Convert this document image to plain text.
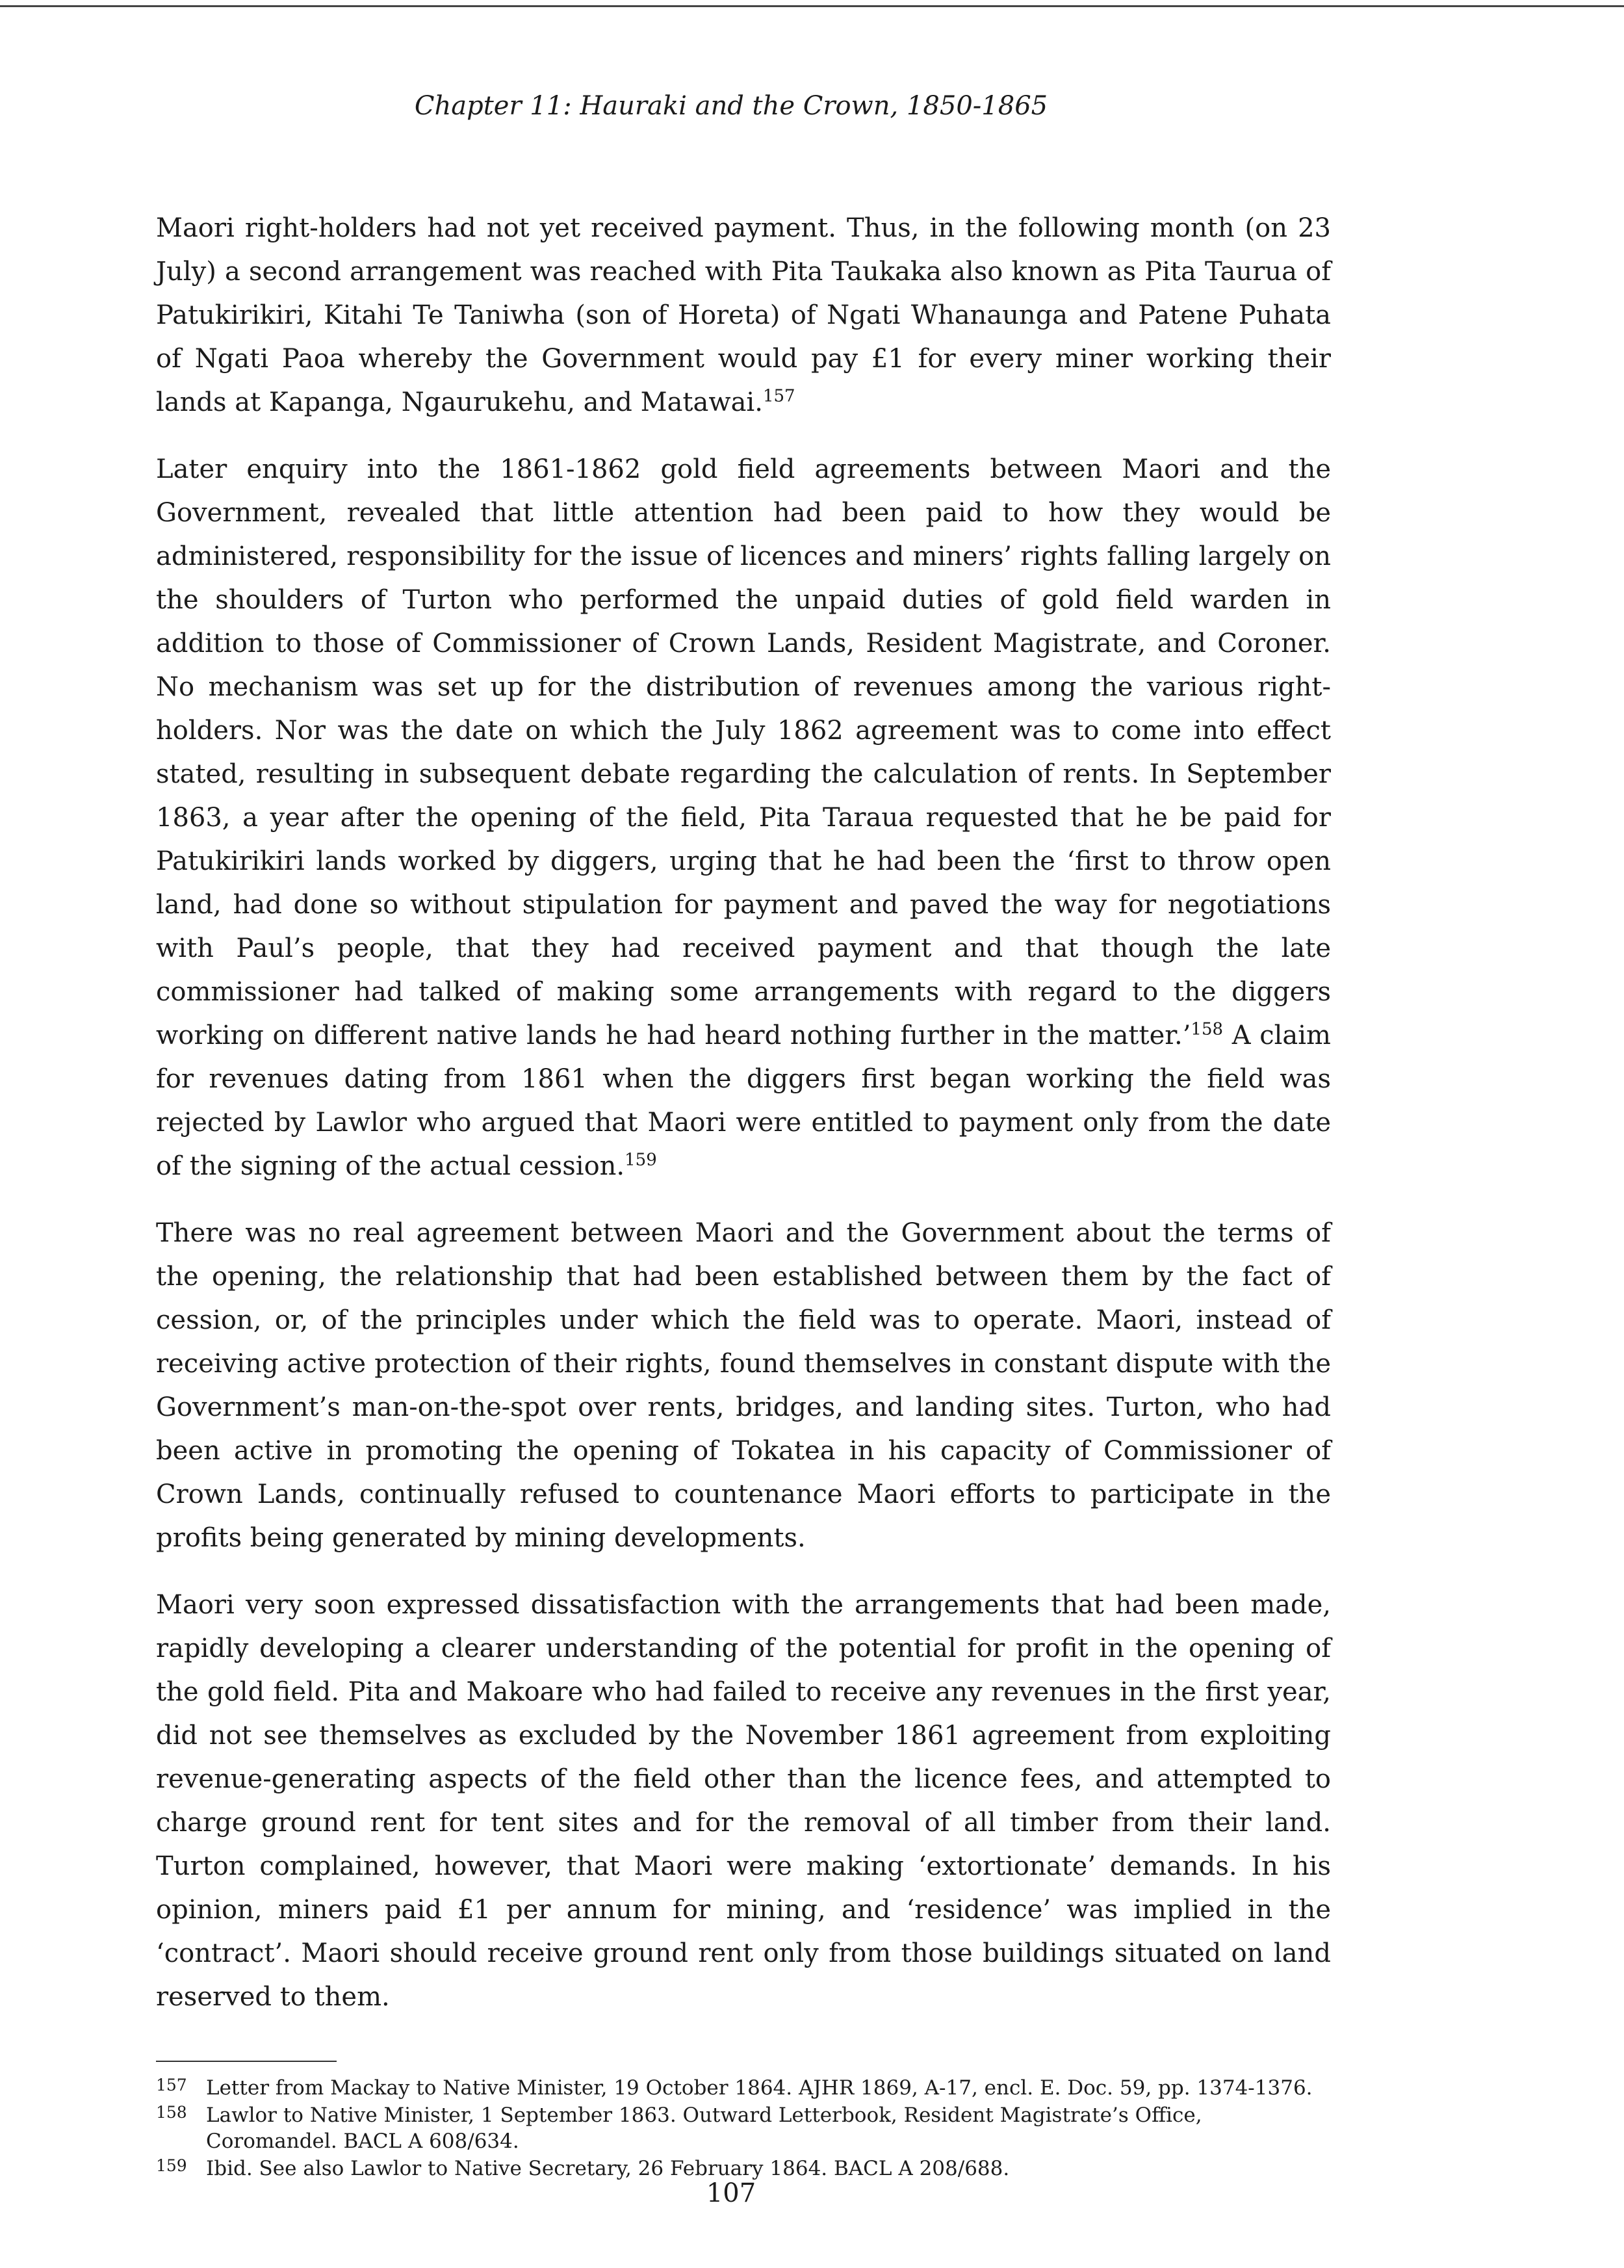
Chapter 11: Hauraki and the Crown, 1850-1865

Maori right-holders had not yet received payment. Thus, in the following month (on 23 July) a second arrangement was reached with Pita Taukaka also known as Pita Taurua of Patukirikiri, Kitahi Te Taniwha (son of Horeta) of Ngati Whanaunga and Patene Puhata of Ngati Paoa whereby the Government would pay £1 for every miner working their lands at Kapanga, Ngaurukehu, and Matawai.$^{157}$

Later enquiry into the 1861-1862 gold field agreements between Maori and the Government, revealed that little attention had been paid to how they would be administered, responsibility for the issue of licences and miners’ rights falling largely on the shoulders of Turton who performed the unpaid duties of gold field warden in addition to those of Commissioner of Crown Lands, Resident Magistrate, and Coroner. No mechanism was set up for the distribution of revenues among the various right-holders. Nor was the date on which the July 1862 agreement was to come into effect stated, resulting in subsequent debate regarding the calculation of rents. In September 1863, a year after the opening of the field, Pita Taraua requested that he be paid for Patukirikiri lands worked by diggers, urging that he had been the ‘first to throw open land, had done so without stipulation for payment and paved the way for negotiations with Paul’s people, that they had received payment and that though the late commissioner had talked of making some arrangements with regard to the diggers working on different native lands he had heard nothing further in the matter.’$^{158}$ A claim for revenues dating from 1861 when the diggers first began working the field was rejected by Lawlor who argued that Maori were entitled to payment only from the date of the signing of the actual cession.$^{159}$

There was no real agreement between Maori and the Government about the terms of the opening, the relationship that had been established between them by the fact of cession, or, of the principles under which the field was to operate. Maori, instead of receiving active protection of their rights, found themselves in constant dispute with the Government’s man-on-the-spot over rents, bridges, and landing sites. Turton, who had been active in promoting the opening of Tokatea in his capacity of Commissioner of Crown Lands, continually refused to countenance Maori efforts to participate in the profits being generated by mining developments.

Maori very soon expressed dissatisfaction with the arrangements that had been made, rapidly developing a clearer understanding of the potential for profit in the opening of the gold field. Pita and Makoare who had failed to receive any revenues in the first year, did not see themselves as excluded by the November 1861 agreement from exploiting revenue-generating aspects of the field other than the licence fees, and attempted to charge ground rent for tent sites and for the removal of all timber from their land. Turton complained, however, that Maori were making ‘extortionate’ demands. In his opinion, miners paid £1 per annum for mining, and ‘residence’ was implied in the ‘contract’. Maori should receive ground rent only from those buildings situated on land reserved to them.

157 Letter from Mackay to Native Minister, 19 October 1864. AJHR 1869, A-17, encl. E. Doc. 59, pp. 1374-1376.
158 Lawlor to Native Minister, 1 September 1863. Outward Letterbook, Resident Magistrate’s Office, Coromandel. BACL A 608/634.
159 Ibid. See also Lawlor to Native Secretary, 26 February 1864. BACL A 208/688.
107
